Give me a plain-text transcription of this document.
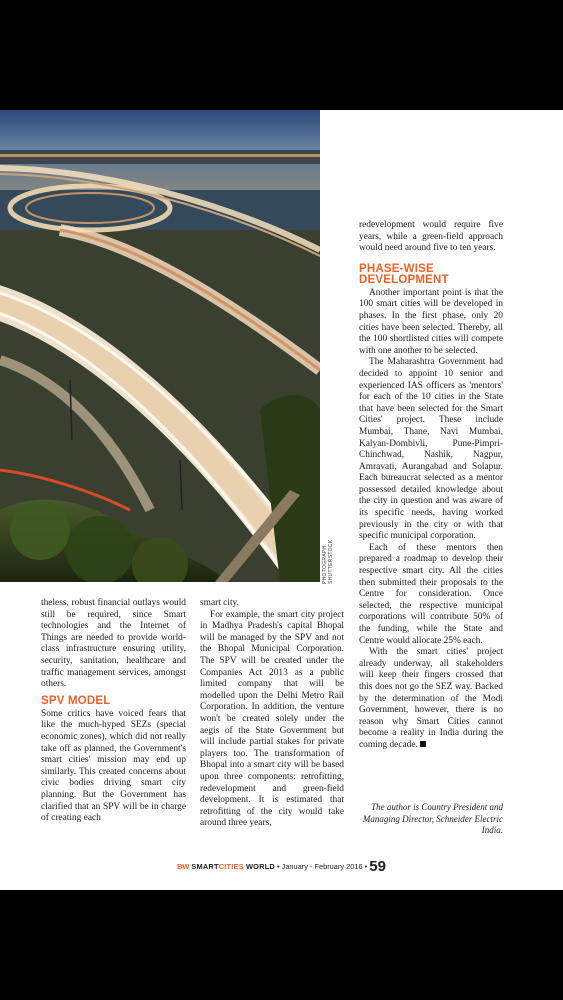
PHOTOGRAPH: SHUTTERSTOCK

theless, robust financial outlays would still be required, since Smart technologies and the Internet of Things are needed to provide world-class infrastructure ensuring utility, security, sanitation, healthcare and traffic management services, amongst others.

SPV MODEL

Some critics have voiced fears that like the much-hyped SEZs (special economic zones), which did not really take off as planned, the Government's smart cities' mission may end up similarly. This created concerns about civic bodies driving smart city planning. But the Government has clarified that an SPV will be in charge of creating each

smart city.

For example, the smart city project in Madhya Pradesh's capital Bhopal will be managed by the SPV and not the Bhopal Municipal Corporation. The SPV will be created under the Companies Act 2013 as a public limited company that will be modelled upon the Delhi Metro Rail Corporation. In addition, the venture won't be created solely under the aegis of the State Government but will include partial stakes for private players too. The transformation of Bhopal into a smart city will be based upon three components: retrofitting, redevelopment and green-field development. It is estimated that retrofitting of the city would take around three years,

redevelopment would require five years, while a green-field approach would need around five to ten years.

PHASE-WISE DEVELOPMENT

Another important point is that the 100 smart cities will be developed in phases. In the first phase, only 20 cities have been selected. Thereby, all the 100 shortlisted cities will compete with one another to be selected.

The Maharashtra Government had decided to appoint 10 senior and experienced IAS officers as 'mentors' for each of the 10 cities in the State that have been selected for the Smart Cities' project. These include Mumbai, Thane, Navi Mumbai, Kalyan-Dombivli, Pune-Pimpri-Chinchwad, Nashik, Nagpur, Amravati, Aurangabad and Solapur. Each bureaucrat selected as a mentor possessed detailed knowledge about the city in question and was aware of its specific needs, having worked previously in the city or with that specific municipal corporation.

Each of these mentors then prepared a roadmap to develop their respective smart city. All the cities then submitted their proposals to the Centre for consideration. Once selected, the respective municipal corporations will contribute 50% of the funding, while the State and Centre would allocate 25% each.

With the smart cities' project already underway, all stakeholders will keep their fingers crossed that this does not go the SEZ way. Backed by the determination of the Modi Government, however, there is no reason why Smart Cities cannot become a reality in India during the coming decade.

The author is Country President and Managing Director, Schneider Electric India.
BW SMARTCITIES WORLD • January - February 2016 • 59
